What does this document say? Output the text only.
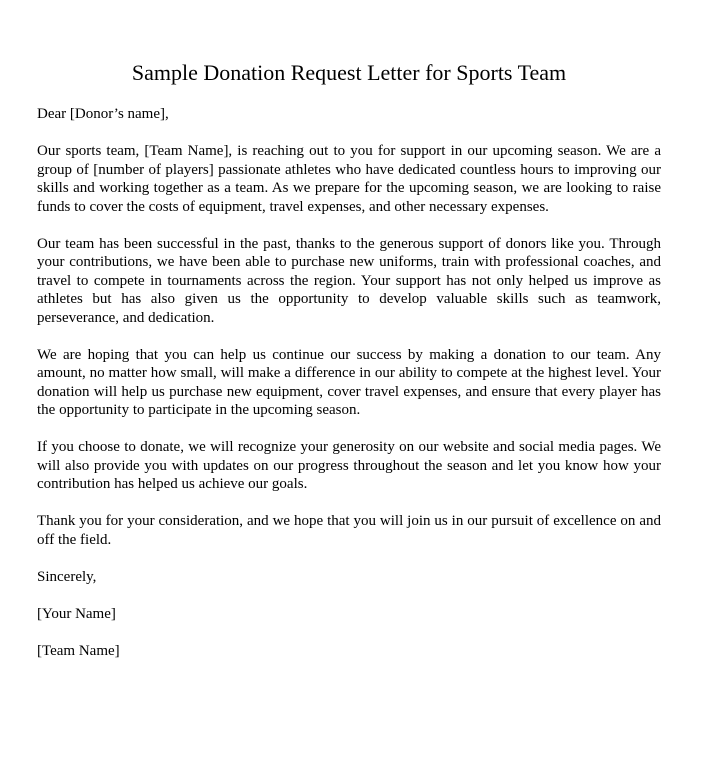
Sample Donation Request Letter for Sports Team

Dear [Donor’s name],

Our sports team, [Team Name], is reaching out to you for support in our upcoming season. We are a group of [number of players] passionate athletes who have dedicated countless hours to improving our skills and working together as a team. As we prepare for the upcoming season, we are looking to raise funds to cover the costs of equipment, travel expenses, and other necessary expenses.

Our team has been successful in the past, thanks to the generous support of donors like you. Through your contributions, we have been able to purchase new uniforms, train with professional coaches, and travel to compete in tournaments across the region. Your support has not only helped us improve as athletes but has also given us the opportunity to develop valuable skills such as teamwork, perseverance, and dedication.

We are hoping that you can help us continue our success by making a donation to our team. Any amount, no matter how small, will make a difference in our ability to compete at the highest level. Your donation will help us purchase new equipment, cover travel expenses, and ensure that every player has the opportunity to participate in the upcoming season.

If you choose to donate, we will recognize your generosity on our website and social media pages. We will also provide you with updates on our progress throughout the season and let you know how your contribution has helped us achieve our goals.

Thank you for your consideration, and we hope that you will join us in our pursuit of excellence on and off the field.

Sincerely,

[Your Name]

[Team Name]
